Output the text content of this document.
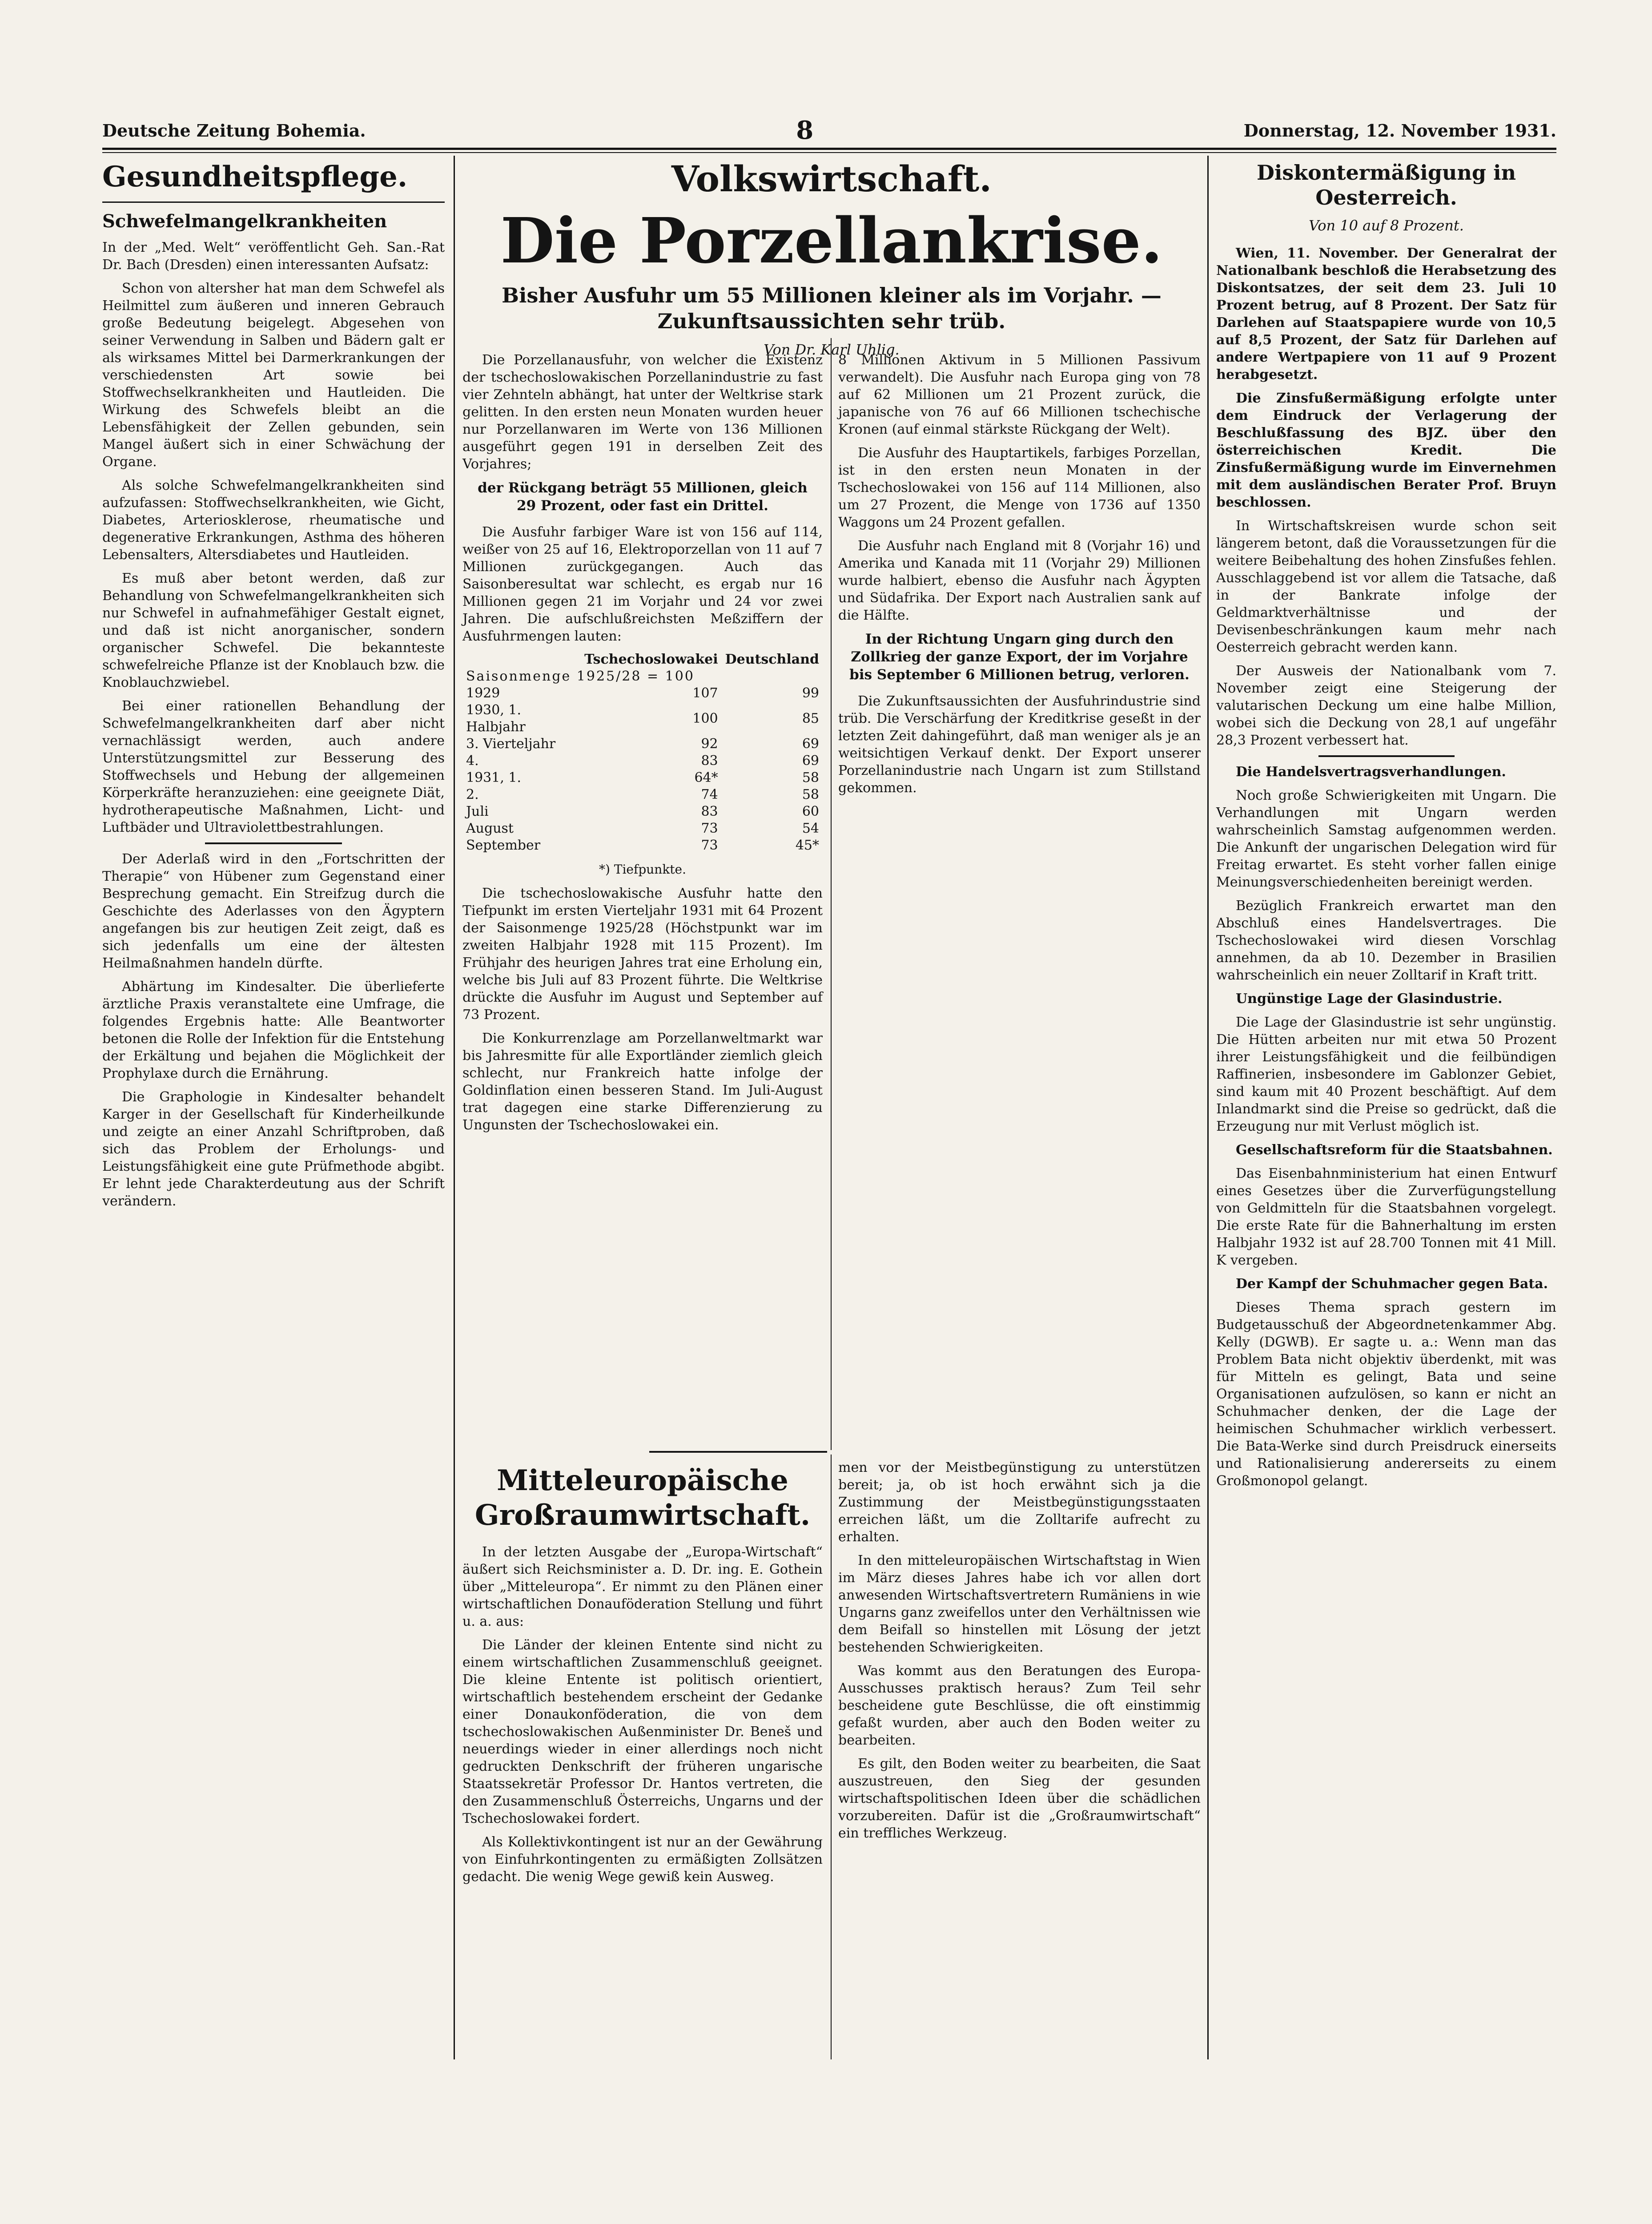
Deutsche Zeitung Bohemia.	8	Donnerstag, 12. November 1931.
Gesundheitspflege.
Schwefelmangelkrankheiten

In der „Med. Welt“ veröffentlicht Geh. San.-Rat Dr. Bach (Dresden) einen interessanten Aufsatz:

Schon von altersher hat man dem Schwefel als Heilmittel zum äußeren und inneren Gebrauch große Bedeutung beigelegt. Abgesehen von seiner Verwendung in Salben und Bädern galt er als wirksames Mittel bei Darmerkrankungen der verschiedensten Art sowie bei Stoffwechselkrankheiten und Hautleiden. Die Wirkung des Schwefels bleibt an die Lebensfähigkeit der Zellen gebunden, sein Mangel äußert sich in einer Schwächung der Organe.

Als solche Schwefelmangelkrankheiten sind aufzufassen: Stoffwechselkrankheiten, wie Gicht, Diabetes, Arteriosklerose, rheumatische und degenerative Erkrankungen, Asthma des höheren Lebensalters, Altersdiabetes und Hautleiden.

Es muß aber betont werden, daß zur Behandlung von Schwefelmangelkrankheiten sich nur Schwefel in aufnahmefähiger Gestalt eignet, und daß ist nicht anorganischer, sondern organischer Schwefel. Die bekannteste schwefelreiche Pflanze ist der Knoblauch bzw. die Knoblauchzwiebel.

Bei einer rationellen Behandlung der Schwefelmangelkrankheiten darf aber nicht vernachlässigt werden, auch andere Unterstützungsmittel zur Besserung des Stoffwechsels und Hebung der allgemeinen Körperkräfte heranzuziehen: eine geeignete Diät, hydrotherapeutische Maßnahmen, Licht- und Luftbäder und Ultraviolettbestrahlungen.

Der Aderlaß wird in den „Fortschritten der Therapie“ von Hübener zum Gegenstand einer Besprechung gemacht. Ein Streifzug durch die Geschichte des Aderlasses von den Ägyptern angefangen bis zur heutigen Zeit zeigt, daß es sich jedenfalls um eine der ältesten Heilmaßnahmen handeln dürfte.

Abhärtung im Kindesalter. Die überlieferte ärztliche Praxis veranstaltete eine Umfrage, die folgendes Ergebnis hatte: Alle Beantworter betonen die Rolle der Infektion für die Entstehung der Erkältung und bejahen die Möglichkeit der Prophylaxe durch die Ernährung.

Die Graphologie in Kindesalter behandelt Karger in der Gesellschaft für Kinderheilkunde und zeigte an einer Anzahl Schriftproben, daß sich das Problem der Erholungs- und Leistungsfähigkeit eine gute Prüfmethode abgibt. Er lehnt jede Charakterdeutung aus der Schrift verändern.

Volkswirtschaft.
Die Porzellankrise.
Bisher Ausfuhr um 55 Millionen kleiner als im Vorjahr. — Zukunftsaussichten sehr trüb.
Von Dr. Karl Uhlig.

Die Porzellanausfuhr, von welcher die Existenz der tschechoslowakischen Porzellanindustrie zu fast vier Zehnteln abhängt, hat unter der Weltkrise stark gelitten. In den ersten neun Monaten wurden heuer nur Porzellanwaren im Werte von 136 Millionen ausgeführt gegen 191 in derselben Zeit des Vorjahres;

der Rückgang beträgt 55 Millionen, gleich 29 Prozent, oder fast ein Drittel.

Die Ausfuhr farbiger Ware ist von 156 auf 114, weißer von 25 auf 16, Elektroporzellan von 11 auf 7 Millionen zurückgegangen. Auch das Saisonberesultat war schlecht, es ergab nur 16 Millionen gegen 21 im Vorjahr und 24 vor zwei Jahren. Die aufschlußreichsten Meßziffern der Ausfuhrmengen lauten:

	Tschechoslowakei	Deutschland
Saisonmenge 1925/28 = 100		
1929	107	99
1930, 1. Halbjahr	100	85
3. Vierteljahr	92	69
4.	83	69
1931, 1.	64*	58
2.	74	58
Juli	83	60
August	73	54
September	73	45*
*) Tiefpunkte.

Die tschechoslowakische Ausfuhr hatte den Tiefpunkt im ersten Vierteljahr 1931 mit 64 Prozent der Saisonmenge 1925/28 (Höchstpunkt war im zweiten Halbjahr 1928 mit 115 Prozent). Im Frühjahr des heurigen Jahres trat eine Erholung ein, welche bis Juli auf 83 Prozent führte. Die Weltkrise drückte die Ausfuhr im August und September auf 73 Prozent.

Die Konkurrenzlage am Porzellanweltmarkt war bis Jahresmitte für alle Exportländer ziemlich gleich schlecht, nur Frankreich hatte infolge der Goldinflation einen besseren Stand. Im Juli-August trat dagegen eine starke Differenzierung zu Ungunsten der Tschechoslowakei ein.

8 Millionen Aktivum in 5 Millionen Passivum verwandelt). Die Ausfuhr nach Europa ging von 78 auf 62 Millionen um 21 Prozent zurück, die japanische von 76 auf 66 Millionen tschechische Kronen (auf einmal stärkste Rückgang der Welt).

Die Ausfuhr des Hauptartikels, farbiges Porzellan, ist in den ersten neun Monaten in der Tschechoslowakei von 156 auf 114 Millionen, also um 27 Prozent, die Menge von 1736 auf 1350 Waggons um 24 Prozent gefallen.

Die Ausfuhr nach England mit 8 (Vorjahr 16) und Amerika und Kanada mit 11 (Vorjahr 29) Millionen wurde halbiert, ebenso die Ausfuhr nach Ägypten und Südafrika. Der Export nach Australien sank auf die Hälfte.

In der Richtung Ungarn ging durch den Zollkrieg der ganze Export, der im Vorjahre bis September 6 Millionen betrug, verloren.

Die Zukunftsaussichten der Ausfuhrindustrie sind trüb. Die Verschärfung der Kreditkrise geseßt in der letzten Zeit dahingeführt, daß man weniger als je an weitsichtigen Verkauf denkt. Der Export unserer Porzellanindustrie nach Ungarn ist zum Stillstand gekommen.

Mitteleuropäische Großraumwirtschaft.

In der letzten Ausgabe der „Europa-Wirtschaft“ äußert sich Reichsminister a. D. Dr. ing. E. Gothein über „Mitteleuropa“. Er nimmt zu den Plänen einer wirtschaftlichen Donauföderation Stellung und führt u. a. aus:

Die Länder der kleinen Entente sind nicht zu einem wirtschaftlichen Zusammenschluß geeignet. Die kleine Entente ist politisch orientiert, wirtschaftlich bestehendem erscheint der Gedanke einer Donaukonföderation, die von dem tschechoslowakischen Außenminister Dr. Beneš und neuerdings wieder in einer allerdings noch nicht gedruckten Denkschrift der früheren ungarische Staatssekretär Professor Dr. Hantos vertreten, die den Zusammenschluß Österreichs, Ungarns und der Tschechoslowakei fordert.

Als Kollektivkontingent ist nur an der Gewährung von Einfuhrkontingenten zu ermäßigten Zollsätzen gedacht. Die wenig Wege gewiß kein Ausweg.

men vor der Meistbegünstigung zu unterstützen bereit; ja, ob ist hoch erwähnt sich ja die Zustimmung der Meistbegünstigungsstaaten erreichen läßt, um die Zolltarife aufrecht zu erhalten.

In den mitteleuropäischen Wirtschaftstag in Wien im März dieses Jahres habe ich vor allen dort anwesenden Wirtschaftsvertretern Rumäniens in wie Ungarns ganz zweifellos unter den Verhältnissen wie dem Beifall so hinstellen mit Lösung der jetzt bestehenden Schwierigkeiten.

Was kommt aus den Beratungen des Europa-Ausschusses praktisch heraus? Zum Teil sehr bescheidene gute Beschlüsse, die oft einstimmig gefaßt wurden, aber auch den Boden weiter zu bearbeiten.

Es gilt, den Boden weiter zu bearbeiten, die Saat auszustreuen, den Sieg der gesunden wirtschaftspolitischen Ideen über die schädlichen vorzubereiten. Dafür ist die „Großraumwirtschaft“ ein treffliches Werkzeug.

Diskontermäßigung in Oesterreich.
Von 10 auf 8 Prozent.

Wien, 11. November. Der Generalrat der Nationalbank beschloß die Herabsetzung des Diskontsatzes, der seit dem 23. Juli 10 Prozent betrug, auf 8 Prozent. Der Satz für Darlehen auf Staatspapiere wurde von 10,5 auf 8,5 Prozent, der Satz für Darlehen auf andere Wertpapiere von 11 auf 9 Prozent herabgesetzt.

Die Zinsfußermäßigung erfolgte unter dem Eindruck der Verlagerung der Beschlußfassung des BJZ. über den österreichischen Kredit. Die Zinsfußermäßigung wurde im Einvernehmen mit dem ausländischen Berater Prof. Bruyn beschlossen.

In Wirtschaftskreisen wurde schon seit längerem betont, daß die Voraussetzungen für die weitere Beibehaltung des hohen Zinsfußes fehlen. Ausschlaggebend ist vor allem die Tatsache, daß in der Bankrate infolge der Geldmarktverhältnisse und der Devisenbeschränkungen kaum mehr nach Oesterreich gebracht werden kann.

Der Ausweis der Nationalbank vom 7. November zeigt eine Steigerung der valutarischen Deckung um eine halbe Million, wobei sich die Deckung von 28,1 auf ungefähr 28,3 Prozent verbessert hat.

Die Handelsvertragsverhandlungen.

Noch große Schwierigkeiten mit Ungarn. Die Verhandlungen mit Ungarn werden wahrscheinlich Samstag aufgenommen werden. Die Ankunft der ungarischen Delegation wird für Freitag erwartet. Es steht vorher fallen einige Meinungsverschiedenheiten bereinigt werden.

Bezüglich Frankreich erwartet man den Abschluß eines Handelsvertrages. Die Tschechoslowakei wird diesen Vorschlag annehmen, da ab 10. Dezember in Brasilien wahrscheinlich ein neuer Zolltarif in Kraft tritt.

Ungünstige Lage der Glasindustrie.

Die Lage der Glasindustrie ist sehr ungünstig. Die Hütten arbeiten nur mit etwa 50 Prozent ihrer Leistungsfähigkeit und die feilbündigen Raffinerien, insbesondere im Gablonzer Gebiet, sind kaum mit 40 Prozent beschäftigt. Auf dem Inlandmarkt sind die Preise so gedrückt, daß die Erzeugung nur mit Verlust möglich ist.

Gesellschaftsreform für die Staatsbahnen.

Das Eisenbahnministerium hat einen Entwurf eines Gesetzes über die Zurverfügungstellung von Geldmitteln für die Staatsbahnen vorgelegt. Die erste Rate für die Bahnerhaltung im ersten Halbjahr 1932 ist auf 28.700 Tonnen mit 41 Mill. K vergeben.

Der Kampf der Schuhmacher gegen Bata.

Dieses Thema sprach gestern im Budgetausschuß der Abgeordnetenkammer Abg. Kelly (DGWB). Er sagte u. a.: Wenn man das Problem Bata nicht objektiv überdenkt, mit was für Mitteln es gelingt, Bata und seine Organisationen aufzulösen, so kann er nicht an Schuhmacher denken, der die Lage der heimischen Schuhmacher wirklich verbessert. Die Bata-Werke sind durch Preisdruck einerseits und Rationalisierung andererseits zu einem Großmonopol gelangt.
